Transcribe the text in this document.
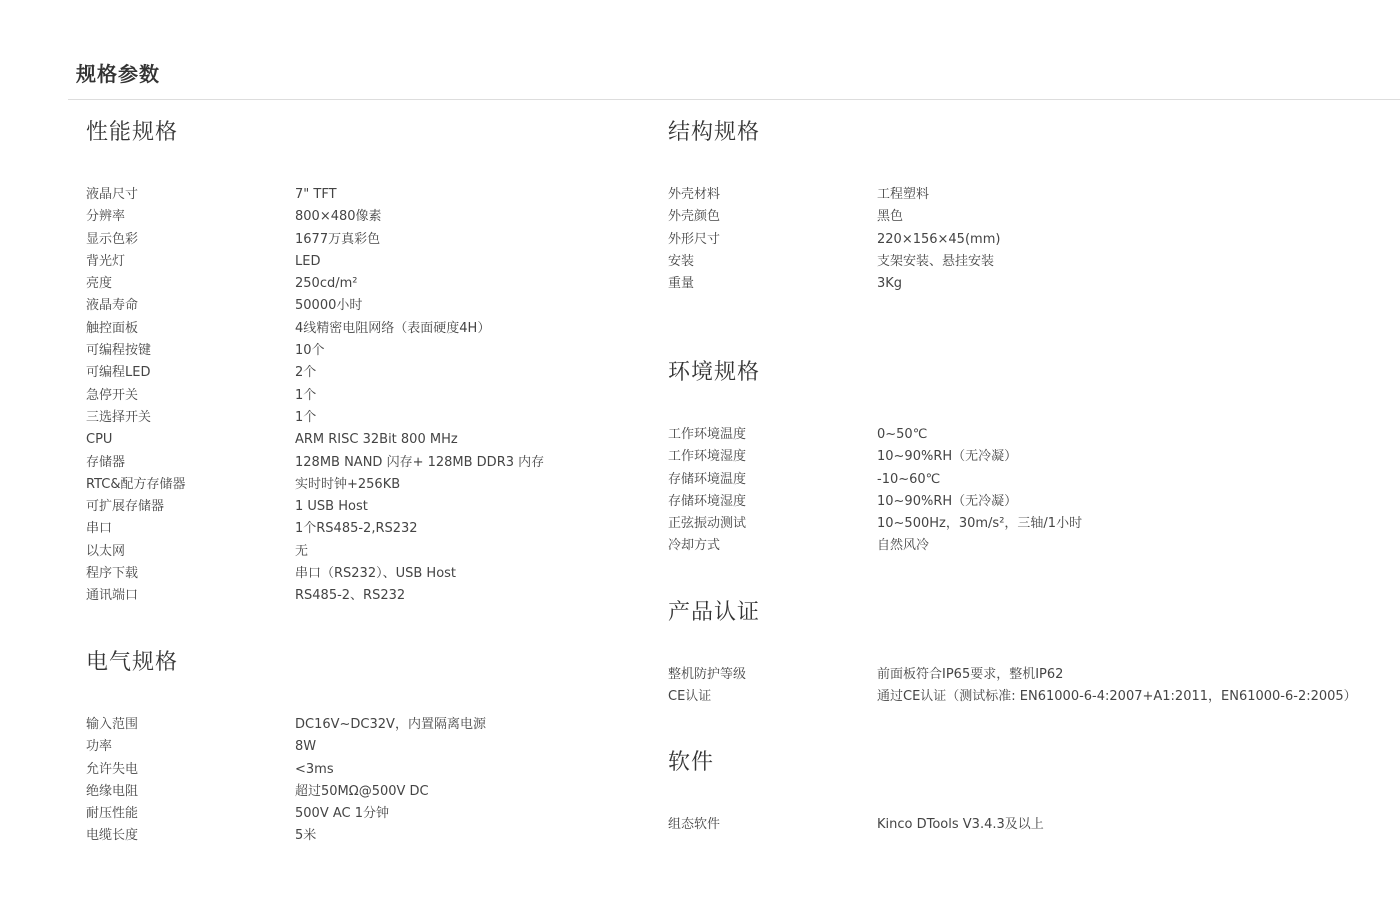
规格参数
性能规格
液晶尺寸	7" TFT
分辨率	800×480像素
显示色彩	1677万真彩色
背光灯	LED
亮度	250cd/m²
液晶寿命	50000小时
触控面板	4线精密电阻网络（表面硬度4H）
可编程按键	10个
可编程LED	2个
急停开关	1个
三选择开关	1个
CPU	ARM RISC 32Bit 800 MHz
存储器	128MB NAND 闪存+ 128MB DDR3 内存
RTC&配方存储器	实时时钟+256KB
可扩展存储器	1 USB Host
串口	1个RS485-2,RS232
以太网	无
程序下载	串口（RS232）、USB Host
通讯端口	RS485-2、RS232
电气规格
输入范围	DC16V~DC32V，内置隔离电源
功率	8W
允许失电	<3ms
绝缘电阻	超过50MΩ@500V DC
耐压性能	500V AC 1分钟
电缆长度	5米
结构规格
外壳材料	工程塑料
外壳颜色	黑色
外形尺寸	220×156×45(mm)
安装	支架安装、悬挂安装
重量	3Kg
环境规格
工作环境温度	0~50℃
工作环境湿度	10~90%RH（无冷凝）
存储环境温度	-10~60℃
存储环境湿度	10~90%RH（无冷凝）
正弦振动测试	10~500Hz，30m/s²，三轴/1小时
冷却方式	自然风冷
产品认证
整机防护等级	前面板符合IP65要求，整机IP62
CE认证	通过CE认证（测试标准: EN61000-6-4:2007+A1:2011，EN61000-6-2:2005）
软件
组态软件	Kinco DTools V3.4.3及以上
